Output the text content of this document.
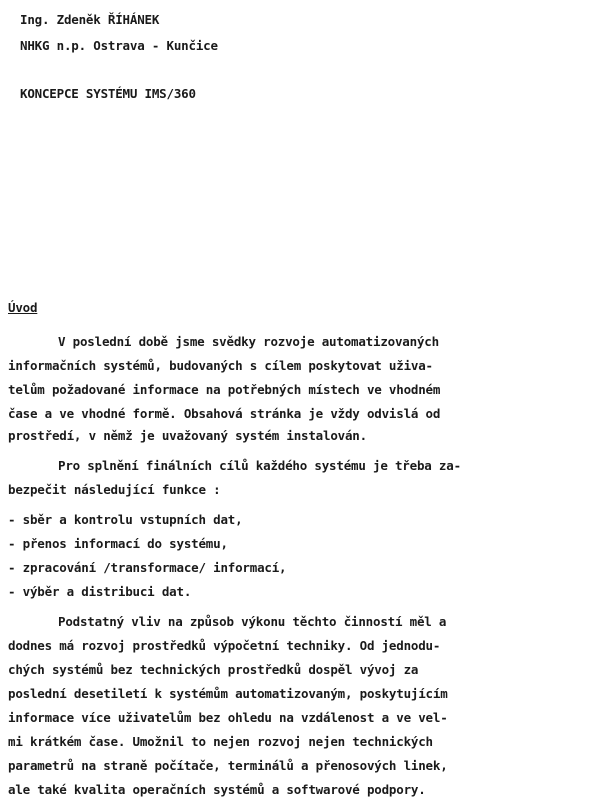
Ing. Zdeněk ŘÍHÁNEK
NHKG n.p. Ostrava - Kunčice
KONCEPCE SYSTÉMU IMS/360
Úvod
V poslední době jsme svědky rozvoje automatizovaných
informačních systémů, budovaných s cílem poskytovat uživa-
telům požadované informace na potřebných místech ve vhodném
čase a ve vhodné formě. Obsahová stránka je vždy odvislá od
prostředí, v němž je uvažovaný systém instalován.
Pro splnění finálních cílů každého systému je třeba za-
bezpečit následující funkce :
- sběr a kontrolu vstupních dat,
- přenos informací do systému,
- zpracování /transformace/ informací,
- výběr a distribuci dat.
Podstatný vliv na způsob výkonu těchto činností měl a
dodnes má rozvoj prostředků výpočetní techniky. Od jednodu-
chých systémů bez technických prostředků dospěl vývoj za
poslední desetiletí k systémům automatizovaným, poskytujícím
informace více uživatelům bez ohledu na vzdálenost a ve vel-
mi krátkém čase. Umožnil to nejen rozvoj nejen technických
parametrů na straně počítače, terminálů a přenosových linek,
ale také kvalita operačních systémů a softwarové podpory.
